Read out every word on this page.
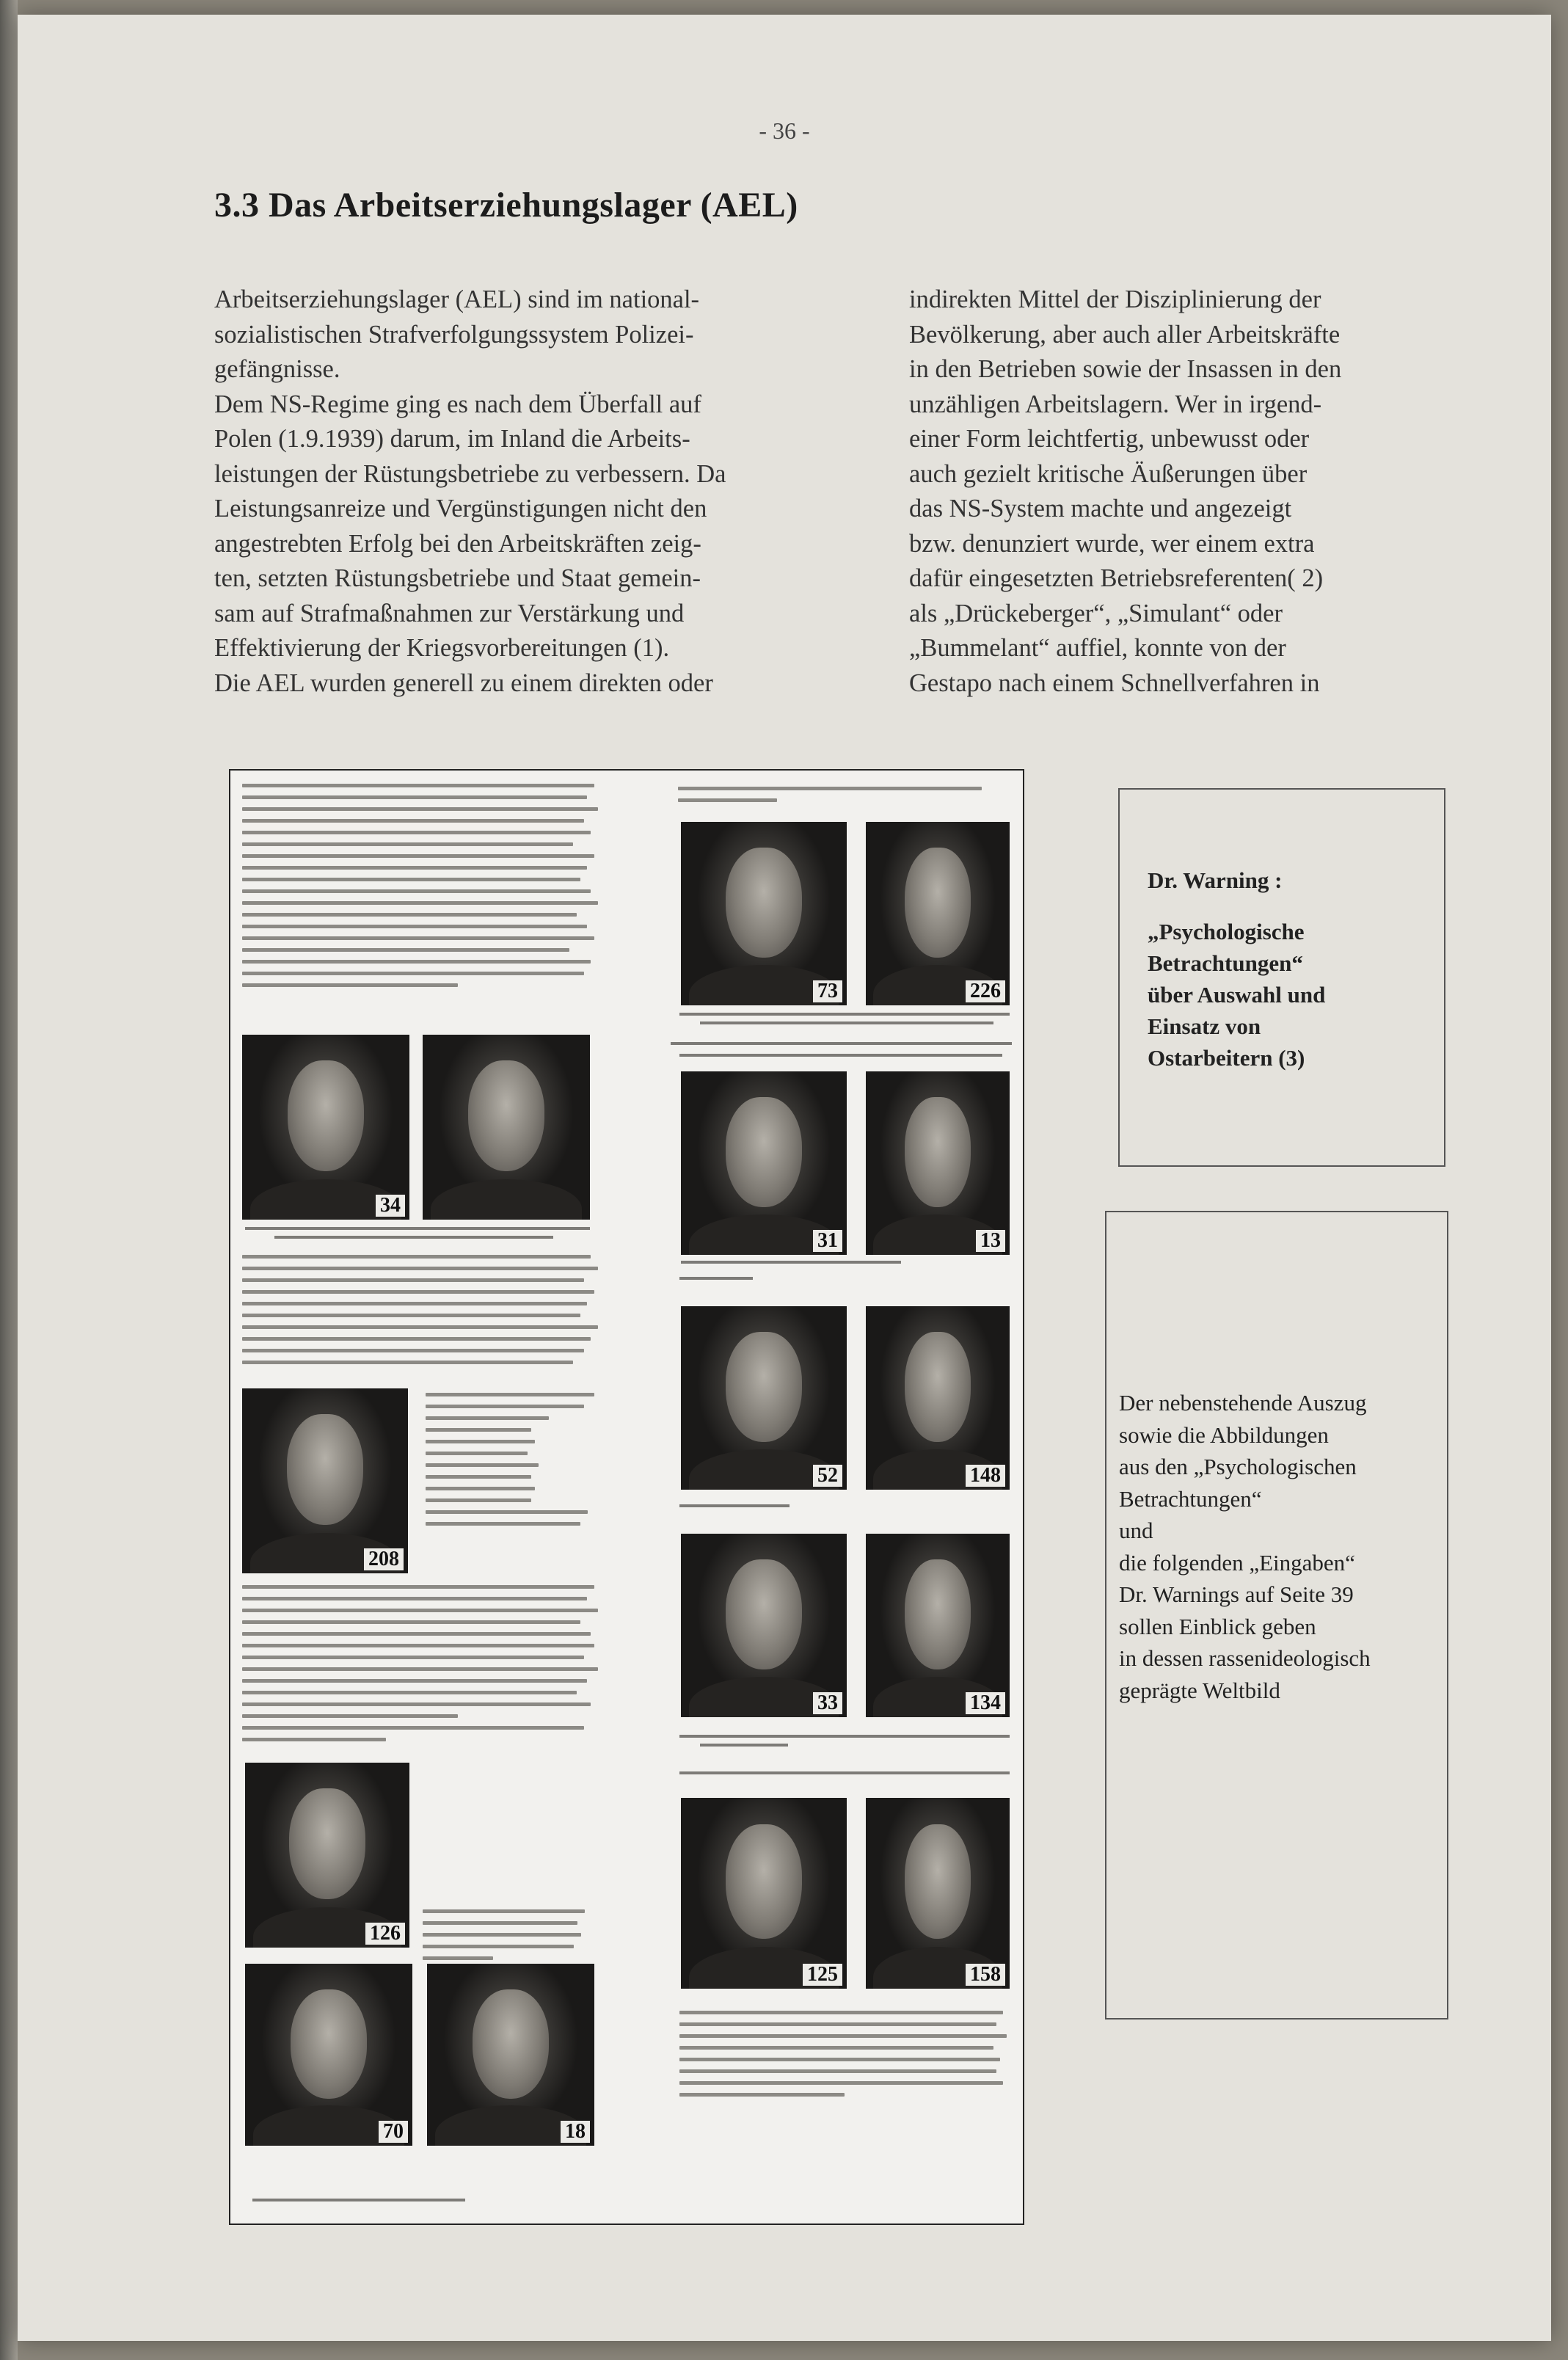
- 36 -
3.3 Das Arbeitserziehungslager (AEL)
Arbeitserziehungslager (AEL) sind im national-
sozialistischen Strafverfolgungssystem Polizei-
gefängnisse.
Dem NS-Regime ging es nach dem Überfall auf
Polen (1.9.1939) darum, im Inland die Arbeits-
leistungen der Rüstungsbetriebe zu verbessern. Da
Leistungsanreize und Vergünstigungen nicht den
angestrebten Erfolg bei den Arbeitskräften zeig-
ten, setzten Rüstungsbetriebe und Staat gemein-
sam auf Strafmaßnahmen zur Verstärkung und
Effektivierung der Kriegsvorbereitungen (1).
Die AEL wurden generell zu einem direkten oder
indirekten Mittel der Disziplinierung der
Bevölkerung, aber auch aller Arbeitskräfte
in den Betrieben sowie der Insassen in den
unzähligen Arbeitslagern. Wer in irgend-
einer Form leichtfertig, unbewusst oder
auch gezielt kritische Äußerungen über
das NS-System machte und angezeigt
bzw. denunziert wurde, wer einem extra
dafür eingesetzten Betriebsreferenten( 2)
als „Drückeberger“, „Simulant“ oder
„Bummelant“ auffiel, konnte von der
Gestapo nach einem Schnellverfahren in
34
208
126
70	18
73	226
31	13
52	148
33	134
125	158
Dr. Warning :
„Psychologische
Betrachtungen“
über Auswahl und
Einsatz von
Ostarbeitern (3)
Der nebenstehende Auszug
sowie die Abbildungen
aus den „Psychologischen
Betrachtungen“
und
die folgenden „Eingaben“
Dr. Warnings auf Seite 39
sollen Einblick geben
in dessen rassenideologisch
geprägte Weltbild
